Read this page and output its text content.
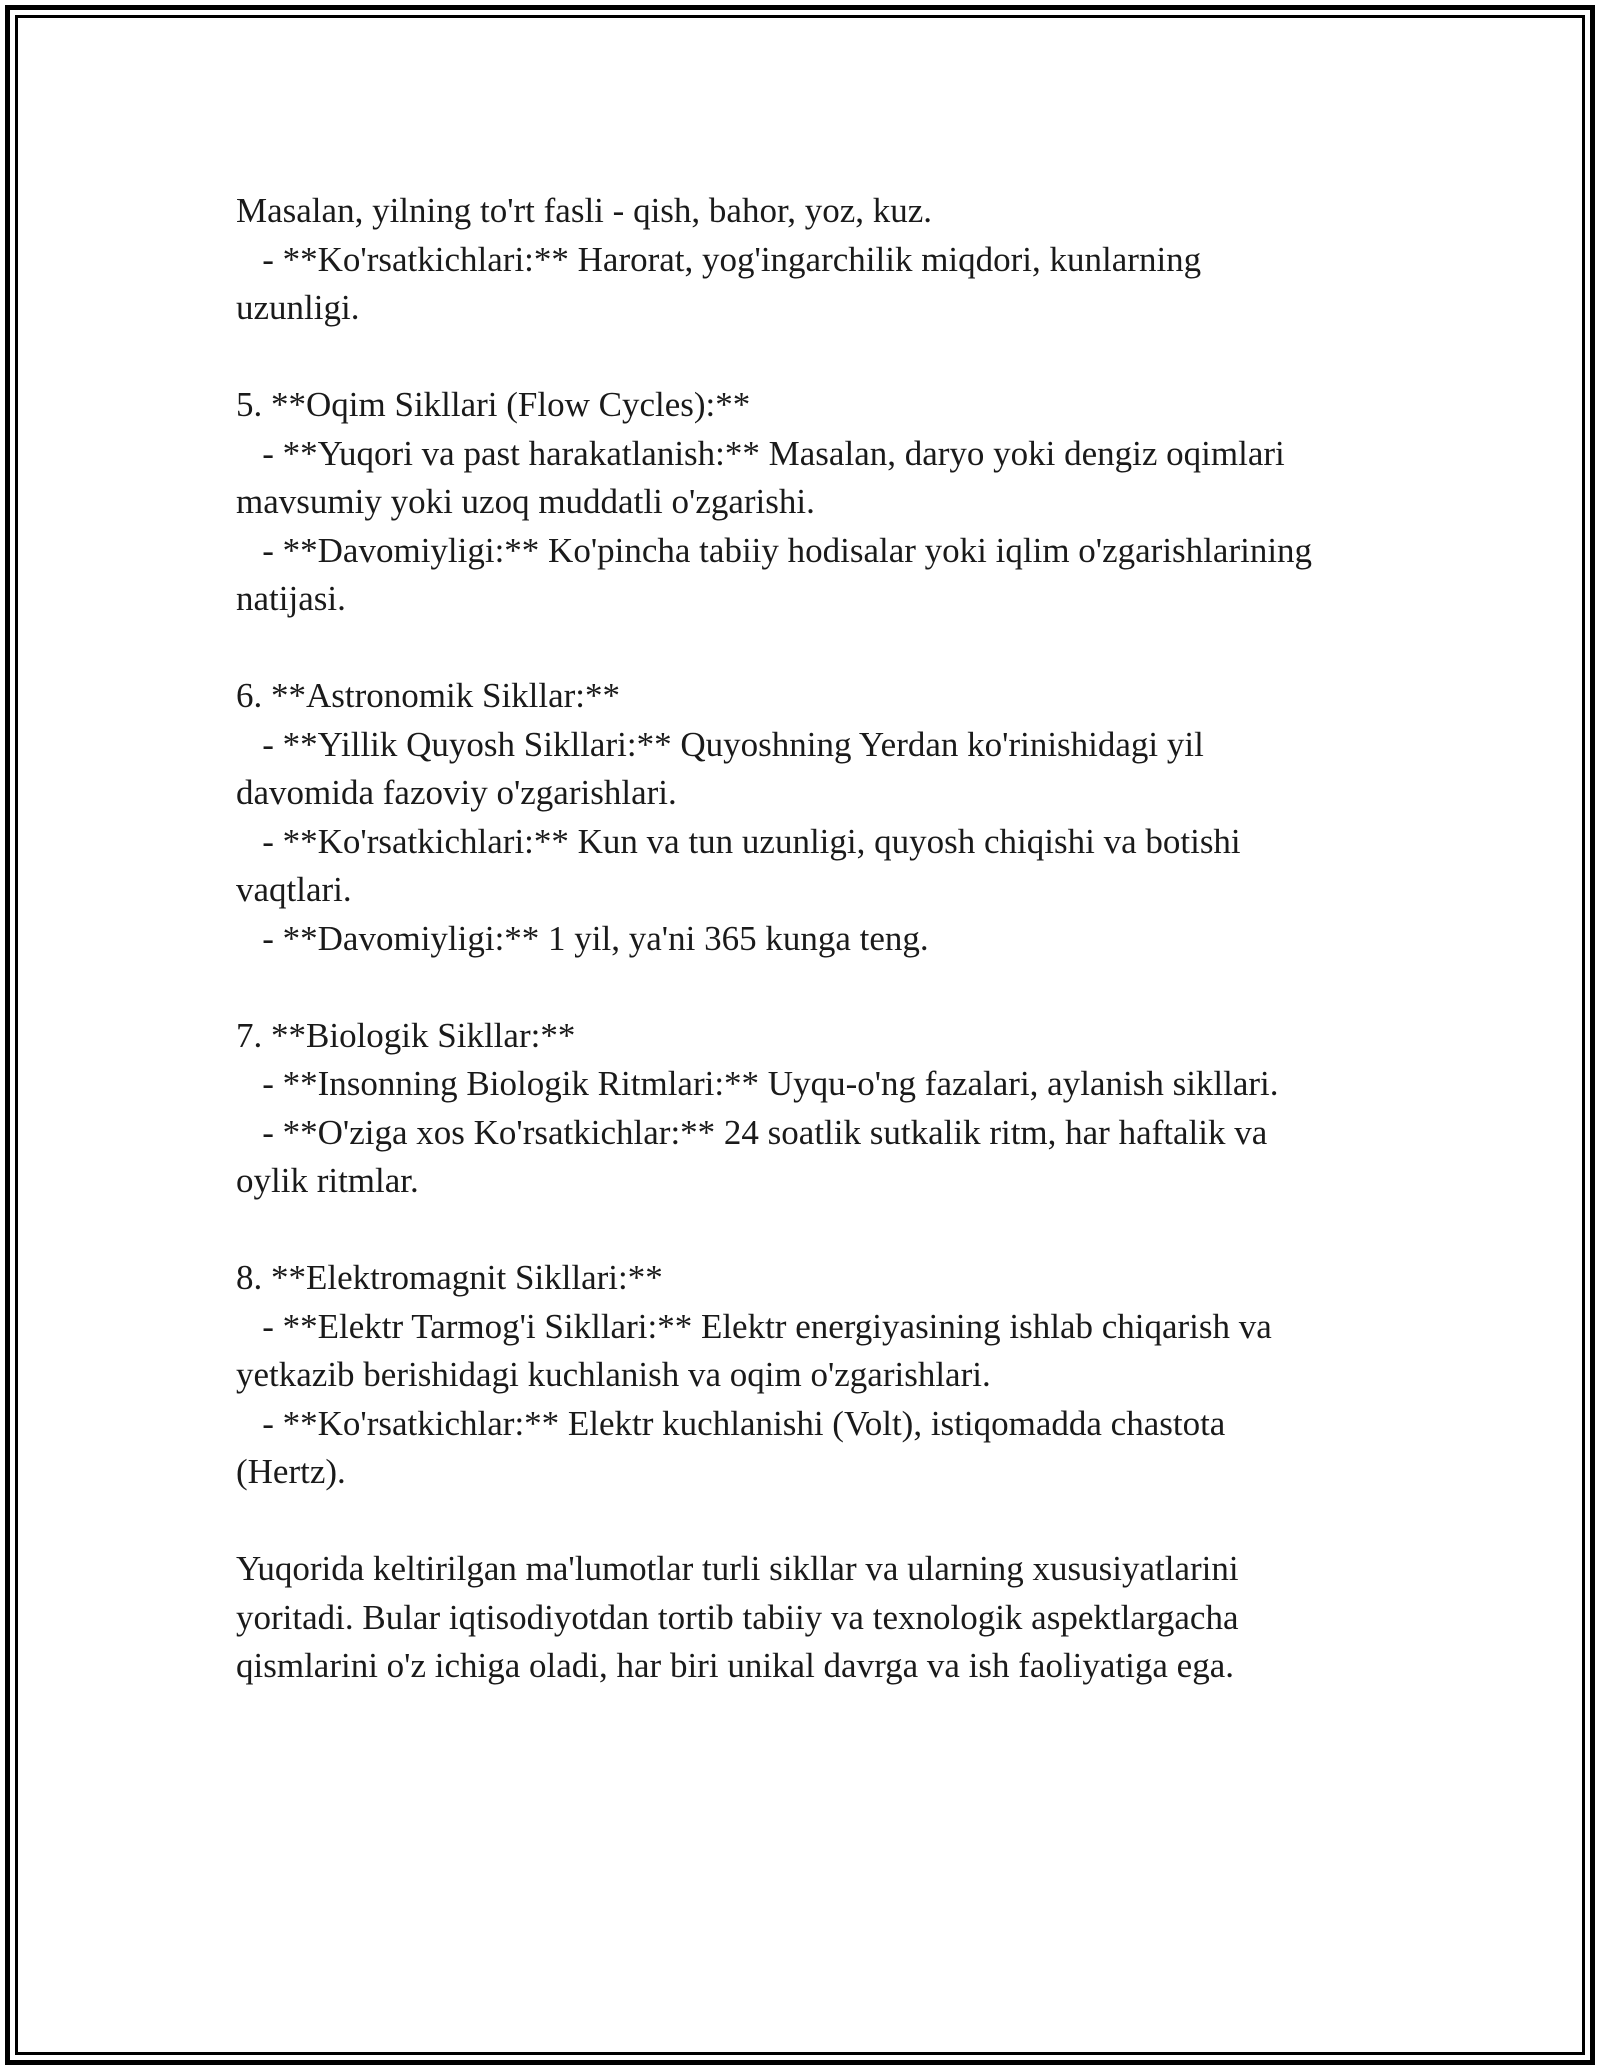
Masalan, yilning to'rt fasli - qish, bahor, yoz, kuz.
- **Ko'rsatkichlari:** Harorat, yog'ingarchilik miqdori, kunlarning
uzunligi.
5. **Oqim Sikllari (Flow Cycles):**
- **Yuqori va past harakatlanish:** Masalan, daryo yoki dengiz oqimlari
mavsumiy yoki uzoq muddatli o'zgarishi.
- **Davomiyligi:** Ko'pincha tabiiy hodisalar yoki iqlim o'zgarishlarining
natijasi.
6. **Astronomik Sikllar:**
- **Yillik Quyosh Sikllari:** Quyoshning Yerdan ko'rinishidagi yil
davomida fazoviy o'zgarishlari.
- **Ko'rsatkichlari:** Kun va tun uzunligi, quyosh chiqishi va botishi
vaqtlari.
- **Davomiyligi:** 1 yil, ya'ni 365 kunga teng.
7. **Biologik Sikllar:**
- **Insonning Biologik Ritmlari:** Uyqu-o'ng fazalari, aylanish sikllari.
- **O'ziga xos Ko'rsatkichlar:** 24 soatlik sutkalik ritm, har haftalik va
oylik ritmlar.
8. **Elektromagnit Sikllari:**
- **Elektr Tarmog'i Sikllari:** Elektr energiyasining ishlab chiqarish va
yetkazib berishidagi kuchlanish va oqim o'zgarishlari.
- **Ko'rsatkichlar:** Elektr kuchlanishi (Volt), istiqomadda chastota
(Hertz).
Yuqorida keltirilgan ma'lumotlar turli sikllar va ularning xususiyatlarini
yoritadi. Bular iqtisodiyotdan tortib tabiiy va texnologik aspektlargacha
qismlarini o'z ichiga oladi, har biri unikal davrga va ish faoliyatiga ega.
